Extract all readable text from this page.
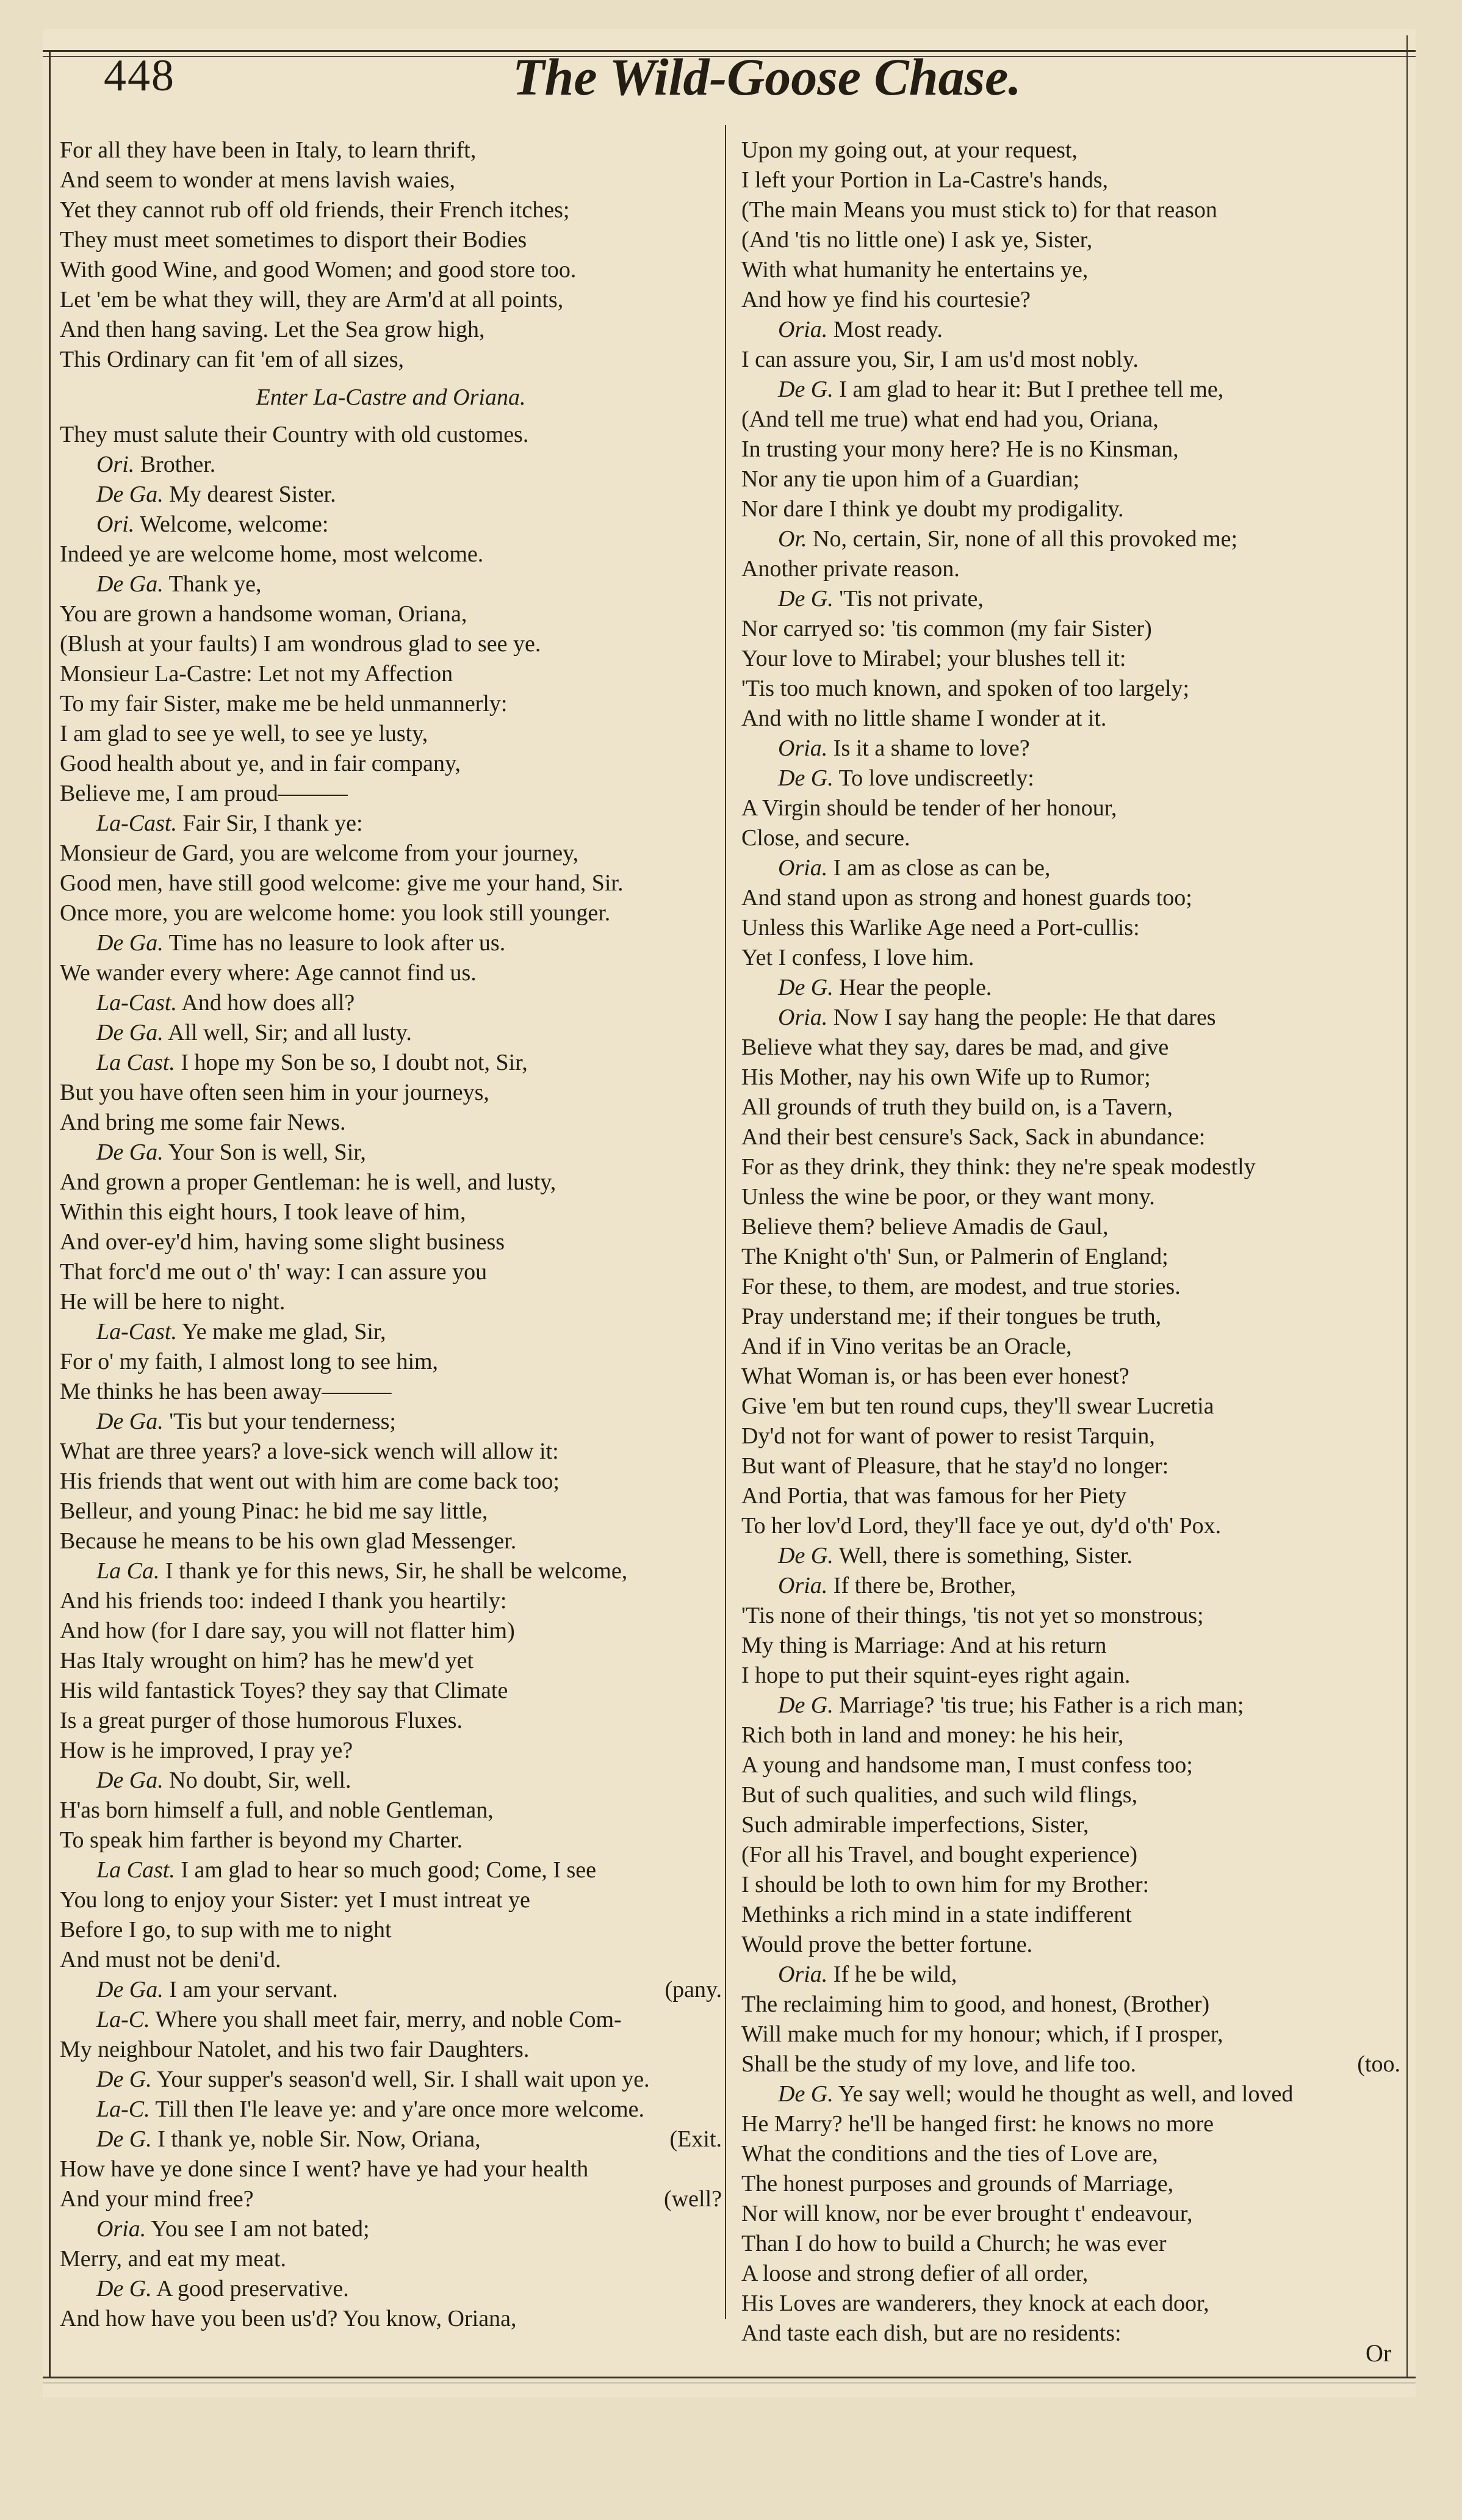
448	The Wild-Goose Chase.
For all they have been in Italy, to learn thrift,
And seem to wonder at mens lavish waies,
Yet they cannot rub off old friends, their French itches;
They must meet sometimes to disport their Bodies
With good Wine, and good Women; and good store too.
Let 'em be what they will, they are Arm'd at all points,
And then hang saving. Let the Sea grow high,
This Ordinary can fit 'em of all sizes,
Enter La-Castre and Oriana.
They must salute their Country with old customes.
Ori. Brother.
De Ga. My dearest Sister.
Ori. Welcome, welcome:
Indeed ye are welcome home, most welcome.
De Ga. Thank ye,
You are grown a handsome woman, Oriana,
(Blush at your faults) I am wondrous glad to see ye.
Monsieur La-Castre: Let not my Affection
To my fair Sister, make me be held unmannerly:
I am glad to see ye well, to see ye lusty,
Good health about ye, and in fair company,
Believe me, I am proud———
La-Cast. Fair Sir, I thank ye:
Monsieur de Gard, you are welcome from your journey,
Good men, have still good welcome: give me your hand, Sir.
Once more, you are welcome home: you look still younger.
De Ga. Time has no leasure to look after us.
We wander every where: Age cannot find us.
La-Cast. And how does all?
De Ga. All well, Sir; and all lusty.
La Cast. I hope my Son be so, I doubt not, Sir,
But you have often seen him in your journeys,
And bring me some fair News.
De Ga. Your Son is well, Sir,
And grown a proper Gentleman: he is well, and lusty,
Within this eight hours, I took leave of him,
And over-ey'd him, having some slight business
That forc'd me out o' th' way: I can assure you
He will be here to night.
La-Cast. Ye make me glad, Sir,
For o' my faith, I almost long to see him,
Me thinks he has been away———
De Ga. 'Tis but your tenderness;
What are three years? a love-sick wench will allow it:
His friends that went out with him are come back too;
Belleur, and young Pinac: he bid me say little,
Because he means to be his own glad Messenger.
La Ca. I thank ye for this news, Sir, he shall be welcome,
And his friends too: indeed I thank you heartily:
And how (for I dare say, you will not flatter him)
Has Italy wrought on him? has he mew'd yet
His wild fantastick Toyes? they say that Climate
Is a great purger of those humorous Fluxes.
How is he improved, I pray ye?
De Ga. No doubt, Sir, well.
H'as born himself a full, and noble Gentleman,
To speak him farther is beyond my Charter.
La Cast. I am glad to hear so much good; Come, I see
You long to enjoy your Sister: yet I must intreat ye
Before I go, to sup with me to night
And must not be deni'd.
De Ga.	(pany.
I am your servant.
La-C. Where you shall meet fair, merry, and noble Com-
My neighbour Natolet, and his two fair Daughters.
De G. Your supper's season'd well, Sir. I shall wait upon ye.
La-C. Till then I'le leave ye: and y'are once more welcome.
De G.	(Exit.
I thank ye, noble Sir. Now, Oriana,
How have ye done since I went? have ye had your health
(well?
And your mind free?
Oria. You see I am not bated;
Merry, and eat my meat.
De G. A good preservative.
And how have you been us'd? You know, Oriana,
Upon my going out, at your request,
I left your Portion in La-Castre's hands,
(The main Means you must stick to) for that reason
(And 'tis no little one) I ask ye, Sister,
With what humanity he entertains ye,
And how ye find his courtesie?
Oria. Most ready.
I can assure you, Sir, I am us'd most nobly.
De G. I am glad to hear it: But I prethee tell me,
(And tell me true) what end had you, Oriana,
In trusting your mony here? He is no Kinsman,
Nor any tie upon him of a Guardian;
Nor dare I think ye doubt my prodigality.
Or. No, certain, Sir, none of all this provoked me;
Another private reason.
De G. 'Tis not private,
Nor carryed so: 'tis common (my fair Sister)
Your love to Mirabel; your blushes tell it:
'Tis too much known, and spoken of too largely;
And with no little shame I wonder at it.
Oria. Is it a shame to love?
De G. To love undiscreetly:
A Virgin should be tender of her honour,
Close, and secure.
Oria. I am as close as can be,
And stand upon as strong and honest guards too;
Unless this Warlike Age need a Port-cullis:
Yet I confess, I love him.
De G. Hear the people.
Oria. Now I say hang the people: He that dares
Believe what they say, dares be mad, and give
His Mother, nay his own Wife up to Rumor;
All grounds of truth they build on, is a Tavern,
And their best censure's Sack, Sack in abundance:
For as they drink, they think: they ne're speak modestly
Unless the wine be poor, or they want mony.
Believe them? believe Amadis de Gaul,
The Knight o'th' Sun, or Palmerin of England;
For these, to them, are modest, and true stories.
Pray understand me; if their tongues be truth,
And if in Vino veritas be an Oracle,
What Woman is, or has been ever honest?
Give 'em but ten round cups, they'll swear Lucretia
Dy'd not for want of power to resist Tarquin,
But want of Pleasure, that he stay'd no longer:
And Portia, that was famous for her Piety
To her lov'd Lord, they'll face ye out, dy'd o'th' Pox.
De G. Well, there is something, Sister.
Oria. If there be, Brother,
'Tis none of their things, 'tis not yet so monstrous;
My thing is Marriage: And at his return
I hope to put their squint-eyes right again.
De G. Marriage? 'tis true; his Father is a rich man;
Rich both in land and money: he his heir,
A young and handsome man, I must confess too;
But of such qualities, and such wild flings,
Such admirable imperfections, Sister,
(For all his Travel, and bought experience)
I should be loth to own him for my Brother:
Methinks a rich mind in a state indifferent
Would prove the better fortune.
Oria. If he be wild,
The reclaiming him to good, and honest, (Brother)
Will make much for my honour; which, if I prosper,
(too.
Shall be the study of my love, and life too.
De G. Ye say well; would he thought as well, and loved
He Marry? he'll be hanged first: he knows no more
What the conditions and the ties of Love are,
The honest purposes and grounds of Marriage,
Nor will know, nor be ever brought t' endeavour,
Than I do how to build a Church; he was ever
A loose and strong defier of all order,
His Loves are wanderers, they knock at each door,
And taste each dish, but are no residents:
Or
